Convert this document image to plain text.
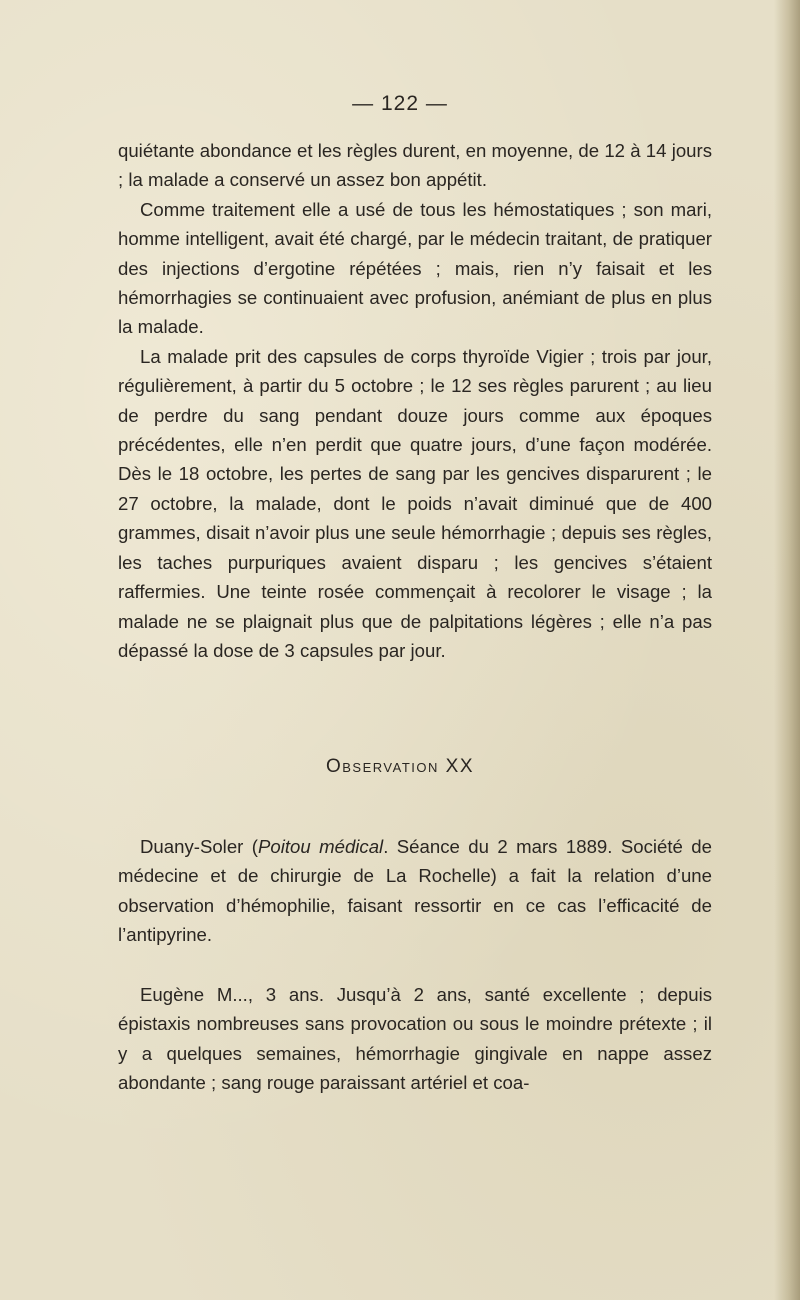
— 122 —

quiétante abondance et les règles durent, en moyenne, de 12 à 14 jours ; la malade a conservé un assez bon appétit.

Comme traitement elle a usé de tous les hémostatiques ; son mari, homme intelligent, avait été chargé, par le médecin traitant, de pratiquer des injections d’ergotine répétées ; mais, rien n’y faisait et les hémorrhagies se continuaient avec profusion, anémiant de plus en plus la malade.

La malade prit des capsules de corps thyroïde Vigier ; trois par jour, régulièrement, à partir du 5 octobre ; le 12 ses règles parurent ; au lieu de perdre du sang pendant douze jours comme aux époques précédentes, elle n’en perdit que quatre jours, d’une façon modérée. Dès le 18 octobre, les pertes de sang par les gencives disparurent ; le 27 octobre, la malade, dont le poids n’avait diminué que de 400 grammes, disait n’avoir plus une seule hémorrhagie ; depuis ses règles, les taches purpuriques avaient disparu ; les gencives s’étaient raffermies. Une teinte rosée commençait à recolorer le visage ; la malade ne se plaignait plus que de palpitations légères ; elle n’a pas dépassé la dose de 3 capsules par jour.

Observation XX

Duany-Soler (Poitou médical. Séance du 2 mars 1889. Société de médecine et de chirurgie de La Rochelle) a fait la relation d’une observation d’hémophilie, faisant ressortir en ce cas l’efficacité de l’antipyrine.

Eugène M..., 3 ans. Jusqu’à 2 ans, santé excellente ; depuis épistaxis nombreuses sans provocation ou sous le moindre prétexte ; il y a quelques semaines, hémorrhagie gingivale en nappe assez abondante ; sang rouge paraissant artériel et coa-
